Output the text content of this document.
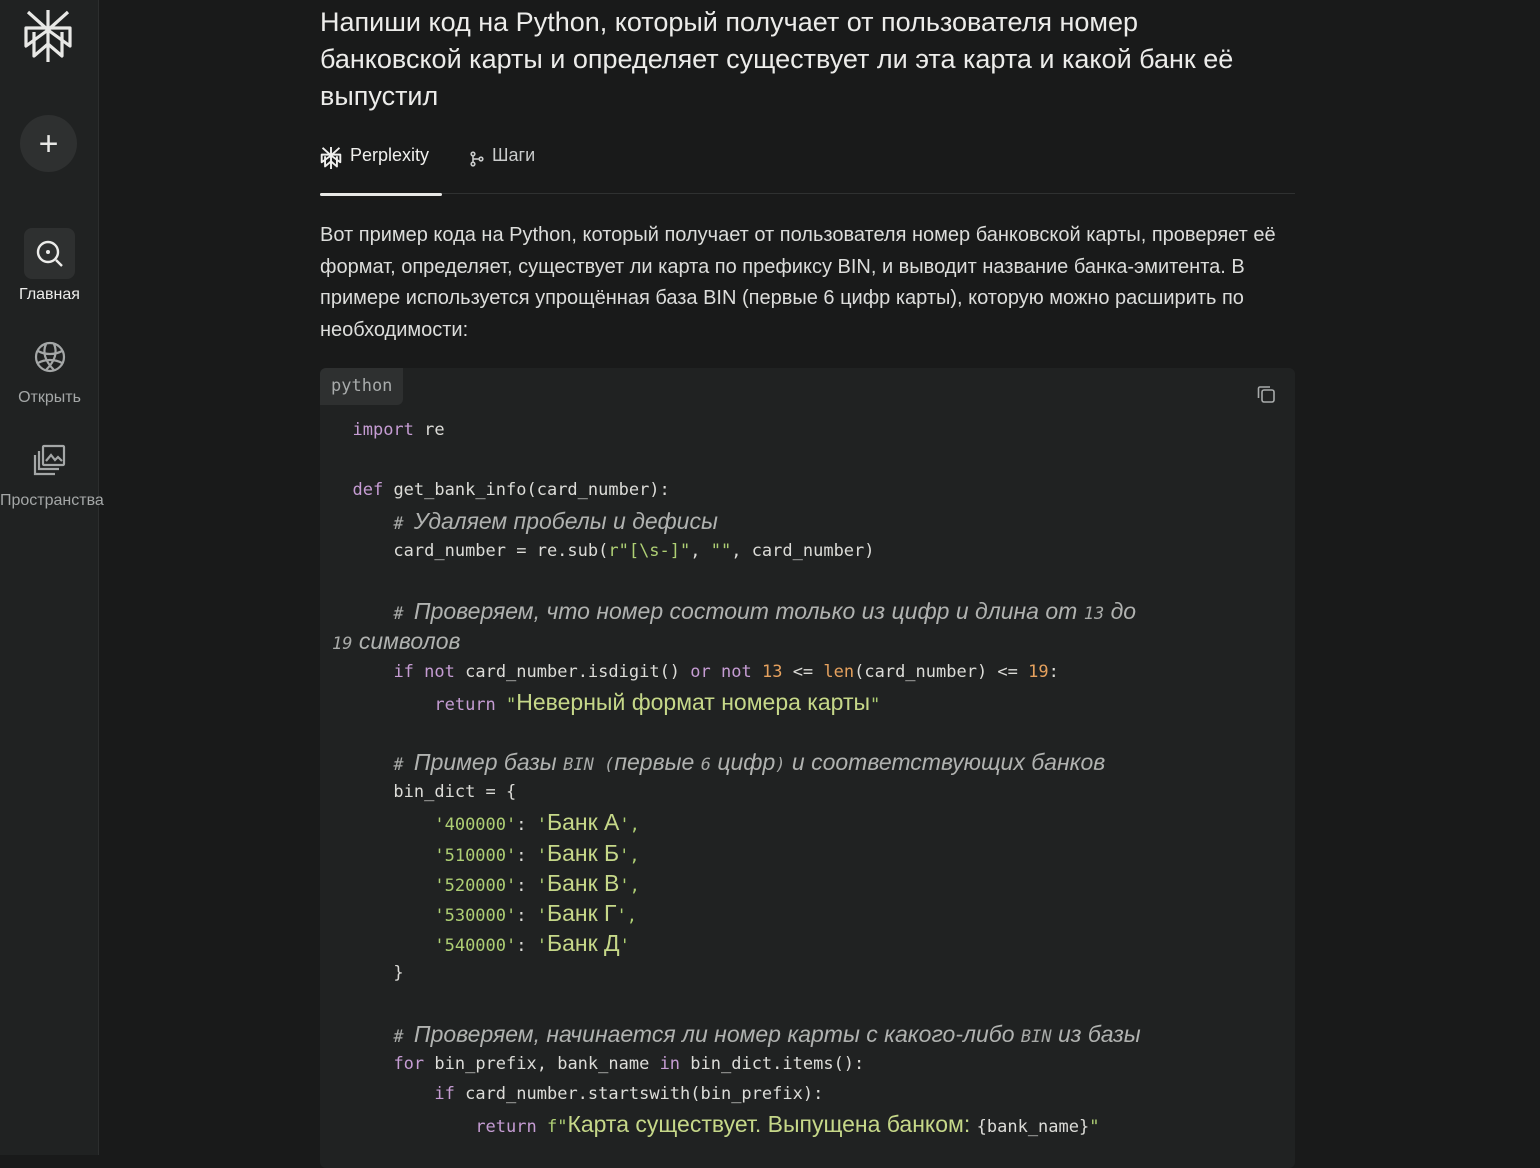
+
Главная
Открыть
Пространства
Напиши код на Python, который получает от пользователя номер банковской карты и определяет существует ли эта карта и какой банк её выпустил
Perplexity	Шаги
Вот пример кода на Python, который получает от пользователя номер банковской карты, проверяет её формат, определяет, существует ли карта по префиксу BIN, и выводит название банка-эмитента. В примере используется упрощённая база BIN (первые 6 цифр карты), которую можно расширить по необходимости:
python
import re
def get_bank_info(card_number):
# Удаляем пробелы и дефисы
card_number = re.sub(r"[\s-]", "", card_number)
# Проверяем, что номер состоит только из цифр и длина от 13 до
19 символов
if not card_number.isdigit() or not 13 <= len(card_number) <= 19:
return "Неверный формат номера карты"
# Пример базы BIN (первые 6 цифр) и соответствующих банков
bin_dict = {
'400000': 'Банк А',
'510000': 'Банк Б',
'520000': 'Банк В',
'530000': 'Банк Г',
'540000': 'Банк Д'
}
# Проверяем, начинается ли номер карты с какого-либо BIN из базы
for bin_prefix, bank_name in bin_dict.items():
if card_number.startswith(bin_prefix):
return f"Карта существует. Выпущена банком: {bank_name}"
